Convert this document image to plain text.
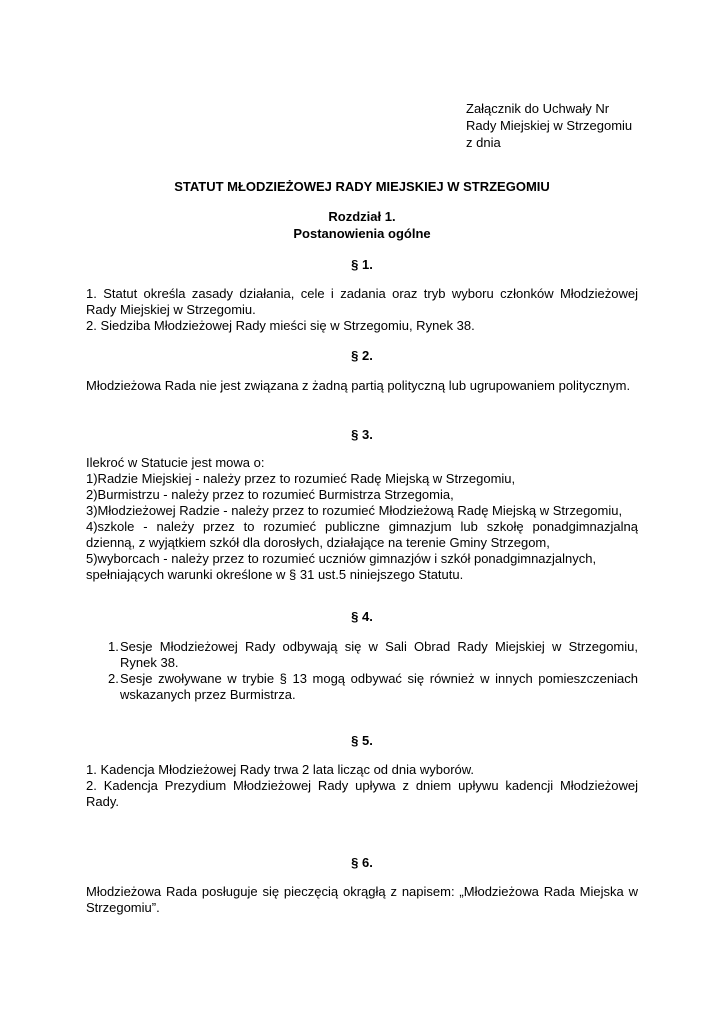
Załącznik do Uchwały Nr
Rady Miejskiej w Strzegomiu
z dnia
STATUT MŁODZIEŻOWEJ RADY MIEJSKIEJ W STRZEGOMIU
Rozdział 1.
Postanowienia ogólne
§ 1.

1. Statut określa zasady działania, cele i zadania oraz tryb wyboru członków Młodzieżowej Rady Miejskiej w Strzegomiu.

2. Siedziba Młodzieżowej Rady mieści się w Strzegomiu, Rynek 38.

§ 2.

Młodzieżowa Rada nie jest związana z żadną partią polityczną lub ugrupowaniem politycznym.

§ 3.

Ilekroć w Statucie jest mowa o:

1)Radzie Miejskiej - należy przez to rozumieć Radę Miejską w Strzegomiu,

2)Burmistrzu - należy przez to rozumieć Burmistrza Strzegomia,

3)Młodzieżowej Radzie - należy przez to rozumieć Młodzieżową Radę Miejską w Strzegomiu,

4)szkole - należy przez to rozumieć publiczne gimnazjum lub szkołę ponadgimnazjalną dzienną, z wyjątkiem szkół dla dorosłych, działające na terenie Gminy Strzegom,

5)wyborcach - należy przez to rozumieć uczniów gimnazjów i szkół ponadgimnazjalnych,

spełniających warunki określone w § 31 ust.5 niniejszego Statutu.

§ 4.
1. Sesje Młodzieżowej Rady odbywają się w Sali Obrad Rady Miejskiej w Strzegomiu, Rynek 38.
2. Sesje zwoływane w trybie § 13 mogą odbywać się również w innych pomieszczeniach wskazanych przez Burmistrza.
§ 5.

1. Kadencja Młodzieżowej Rady trwa 2 lata licząc od dnia wyborów.

2. Kadencja Prezydium Młodzieżowej Rady upływa z dniem upływu kadencji Młodzieżowej Rady.

§ 6.

Młodzieżowa Rada posługuje się pieczęcią okrągłą z napisem: „Młodzieżowa Rada Miejska w Strzegomiu”.
